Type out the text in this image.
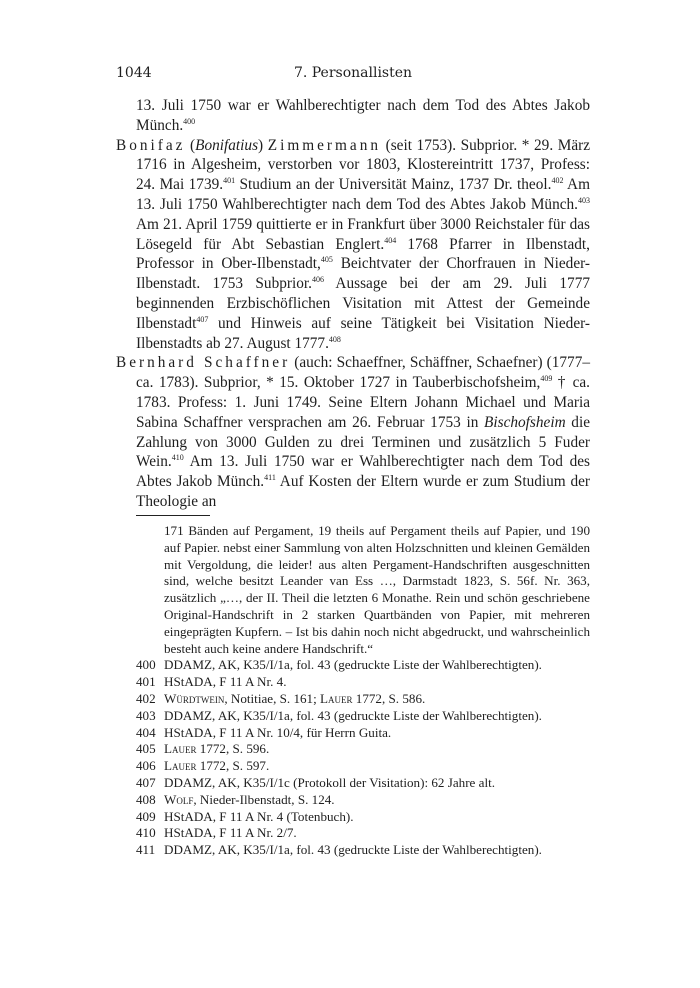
1044	7. Personallisten

13. Juli 1750 war er Wahlberechtigter nach dem Tod des Abtes Jakob Münch.$^{400}$

Bonifaz (Bonifatius) Zimmermann (seit 1753). Subprior. * 29. März 1716 in Algesheim, verstorben vor 1803, Klostereintritt 1737, Profess: 24. Mai 1739.$^{401}$ Studium an der Universität Mainz, 1737 Dr. theol.$^{402}$ Am 13. Juli 1750 Wahlberechtigter nach dem Tod des Abtes Jakob Münch.$^{403}$ Am 21. April 1759 quittierte er in Frankfurt über 3000 Reichstaler für das Lösegeld für Abt Sebastian Englert.$^{404}$ 1768 Pfarrer in Ilbenstadt, Professor in Ober-Ilbenstadt,$^{405}$ Beichtvater der Chorfrauen in Nieder-Ilbenstadt. 1753 Subprior.$^{406}$ Aussage bei der am 29. Juli 1777 beginnenden Erzbischöflichen Visitation mit Attest der Gemeinde Ilbenstadt$^{407}$ und Hinweis auf seine Tätigkeit bei Visitation Nieder-Ilbenstadts ab 27. August 1777.$^{408}$

Bernhard Schaffner (auch: Schaeffner, Schäffner, Schaefner) (1777–ca. 1783). Subprior, * 15. Oktober 1727 in Tauberbischofsheim,$^{409}$ † ca. 1783. Profess: 1. Juni 1749. Seine Eltern Johann Michael und Maria Sabina Schaffner versprachen am 26. Februar 1753 in Bischofsheim die Zahlung von 3000 Gulden zu drei Terminen und zusätzlich 5 Fuder Wein.$^{410}$ Am 13. Juli 1750 war er Wahlberechtigter nach dem Tod des Abtes Jakob Münch.$^{411}$ Auf Kosten der Eltern wurde er zum Studium der Theologie an

171 Bänden auf Pergament, 19 theils auf Pergament theils auf Papier, und 190 auf Papier. nebst einer Sammlung von alten Holzschnitten und kleinen Gemälden mit Vergoldung, die leider! aus alten Pergament-Handschriften ausgeschnitten sind, welche besitzt Leander van Ess …, Darmstadt 1823, S. 56f. Nr. 363, zusätzlich „…, der II. Theil die letzten 6 Monathe. Rein und schön geschriebene Original-Handschrift in 2 starken Quartbänden von Papier, mit mehreren eingeprägten Kupfern. – Ist bis dahin noch nicht abgedruckt, und wahrscheinlich besteht auch keine andere Handschrift.“

400 DDAMZ, AK, K35/I/1a, fol. 43 (gedruckte Liste der Wahlberechtigten).

401 HStADA, F 11 A Nr. 4.

402 Würdtwein, Notitiae, S. 161; Lauer 1772, S. 586.

403 DDAMZ, AK, K35/I/1a, fol. 43 (gedruckte Liste der Wahlberechtigten).

404 HStADA, F 11 A Nr. 10/4, für Herrn Guita.

405 Lauer 1772, S. 596.

406 Lauer 1772, S. 597.

407 DDAMZ, AK, K35/I/1c (Protokoll der Visitation): 62 Jahre alt.

408 Wolf, Nieder-Ilbenstadt, S. 124.

409 HStADA, F 11 A Nr. 4 (Totenbuch).

410 HStADA, F 11 A Nr. 2/7.

411 DDAMZ, AK, K35/I/1a, fol. 43 (gedruckte Liste der Wahlberechtigten).
